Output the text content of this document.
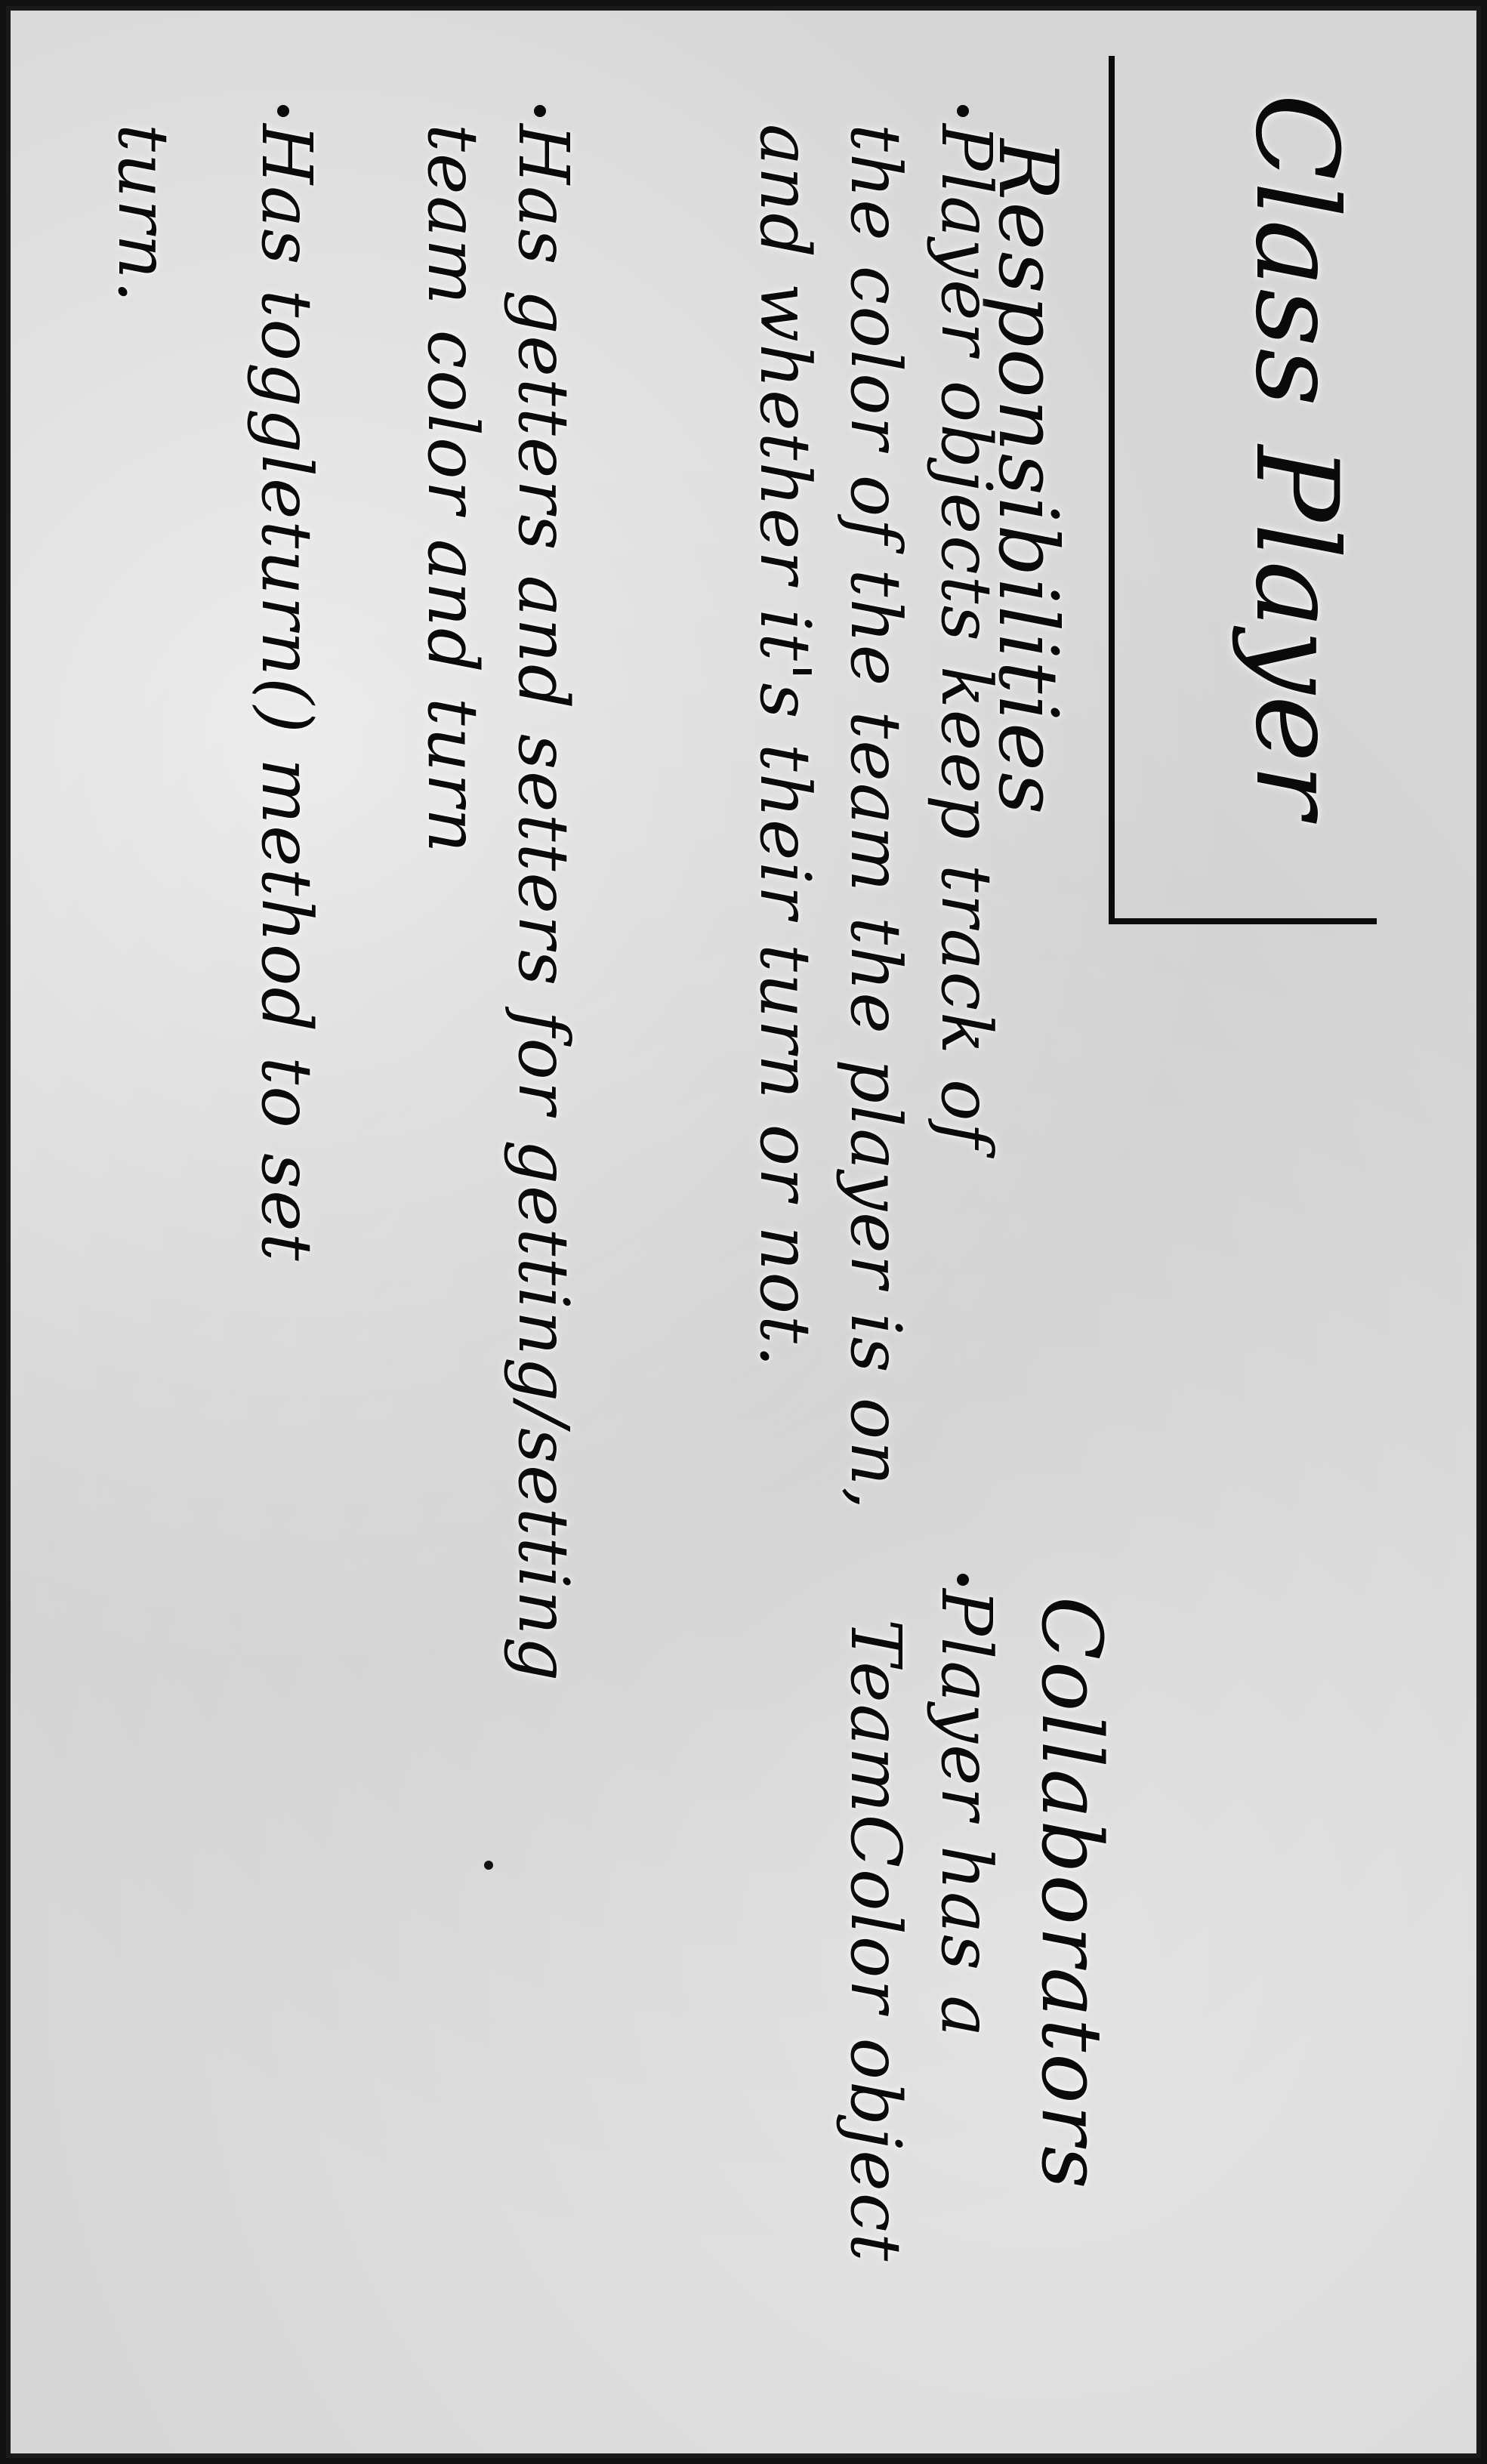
Class Player
Responsibilities
Player objects keep track of
the color of the team the player is on,
and whether it's their turn or not.
Has getters and setters for getting/setting
team color and turn
Has toggleturn() method to set
turn.
Collaborators
Player has a
TeamColor object
